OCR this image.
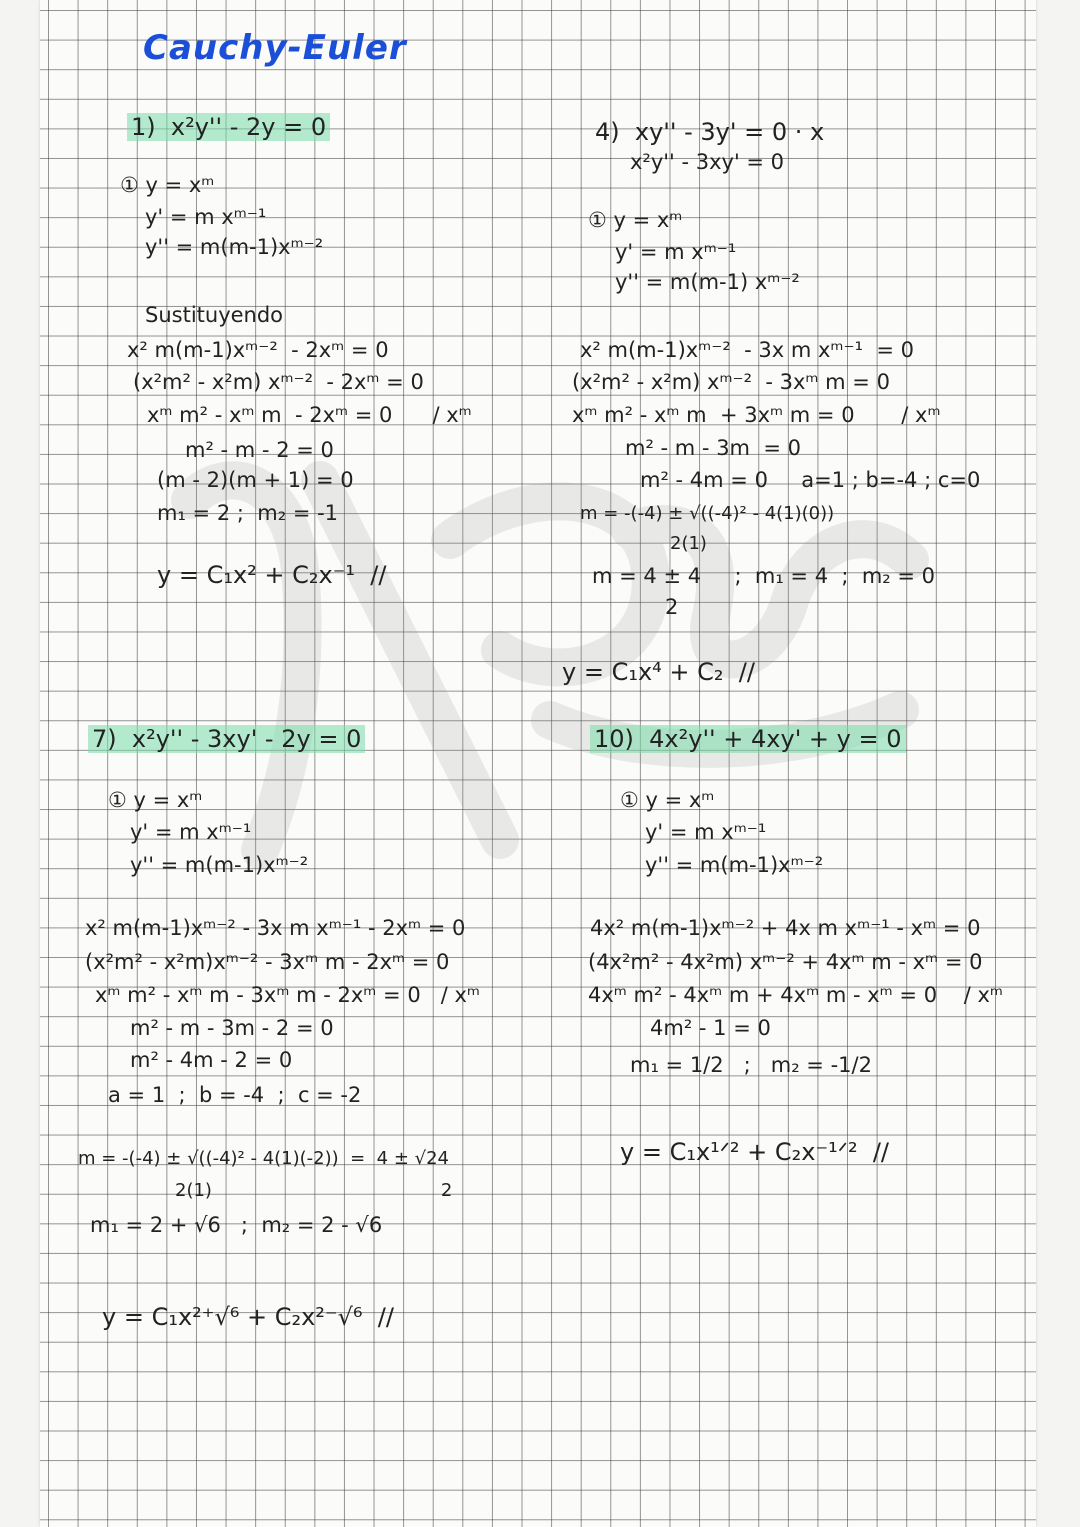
Cauchy-Euler
1)  x²y'' - 2y = 0
① y = xᵐ
y' = m xᵐ⁻¹
y'' = m(m-1)xᵐ⁻²
Sustituyendo
x² m(m-1)xᵐ⁻²  - 2xᵐ = 0
(x²m² - x²m) xᵐ⁻²  - 2xᵐ = 0
xᵐ m² - xᵐ m  - 2xᵐ = 0      / xᵐ
m² - m - 2 = 0
(m - 2)(m + 1) = 0
m₁ = 2 ;  m₂ = -1
y = C₁x² + C₂x⁻¹  //
4)  xy'' - 3y' = 0 · x
x²y'' - 3xy' = 0
① y = xᵐ
y' = m xᵐ⁻¹
y'' = m(m-1) xᵐ⁻²
x² m(m-1)xᵐ⁻²  - 3x m xᵐ⁻¹  = 0
(x²m² - x²m) xᵐ⁻²  - 3xᵐ m = 0
xᵐ m² - xᵐ m  + 3xᵐ m = 0       / xᵐ
m² - m - 3m  = 0
m² - 4m = 0     a=1 ; b=-4 ; c=0
m = -(-4) ± √((-4)² - 4(1)(0))
2(1)
m = 4 ± 4     ;  m₁ = 4  ;  m₂ = 0
2
y = C₁x⁴ + C₂  //
7)  x²y'' - 3xy' - 2y = 0
① y = xᵐ
y' = m xᵐ⁻¹
y'' = m(m-1)xᵐ⁻²
x² m(m-1)xᵐ⁻² - 3x m xᵐ⁻¹ - 2xᵐ = 0
(x²m² - x²m)xᵐ⁻² - 3xᵐ m - 2xᵐ = 0
xᵐ m² - xᵐ m - 3xᵐ m - 2xᵐ = 0   / xᵐ
m² - m - 3m - 2 = 0
m² - 4m - 2 = 0
a = 1  ;  b = -4  ;  c = -2
m = -(-4) ± √((-4)² - 4(1)(-2))  =  4 ± √24
2(1)                                        2
m₁ = 2 + √6   ;  m₂ = 2 - √6
y = C₁x²⁺√⁶ + C₂x²⁻√⁶  //
10)  4x²y'' + 4xy' + y = 0
① y = xᵐ
y' = m xᵐ⁻¹
y'' = m(m-1)xᵐ⁻²
4x² m(m-1)xᵐ⁻² + 4x m xᵐ⁻¹ - xᵐ = 0
(4x²m² - 4x²m) xᵐ⁻² + 4xᵐ m - xᵐ = 0
4xᵐ m² - 4xᵐ m + 4xᵐ m - xᵐ = 0    / xᵐ
4m² - 1 = 0
m₁ = 1/2   ;   m₂ = -1/2
y = C₁x¹ᐟ² + C₂x⁻¹ᐟ²  //
